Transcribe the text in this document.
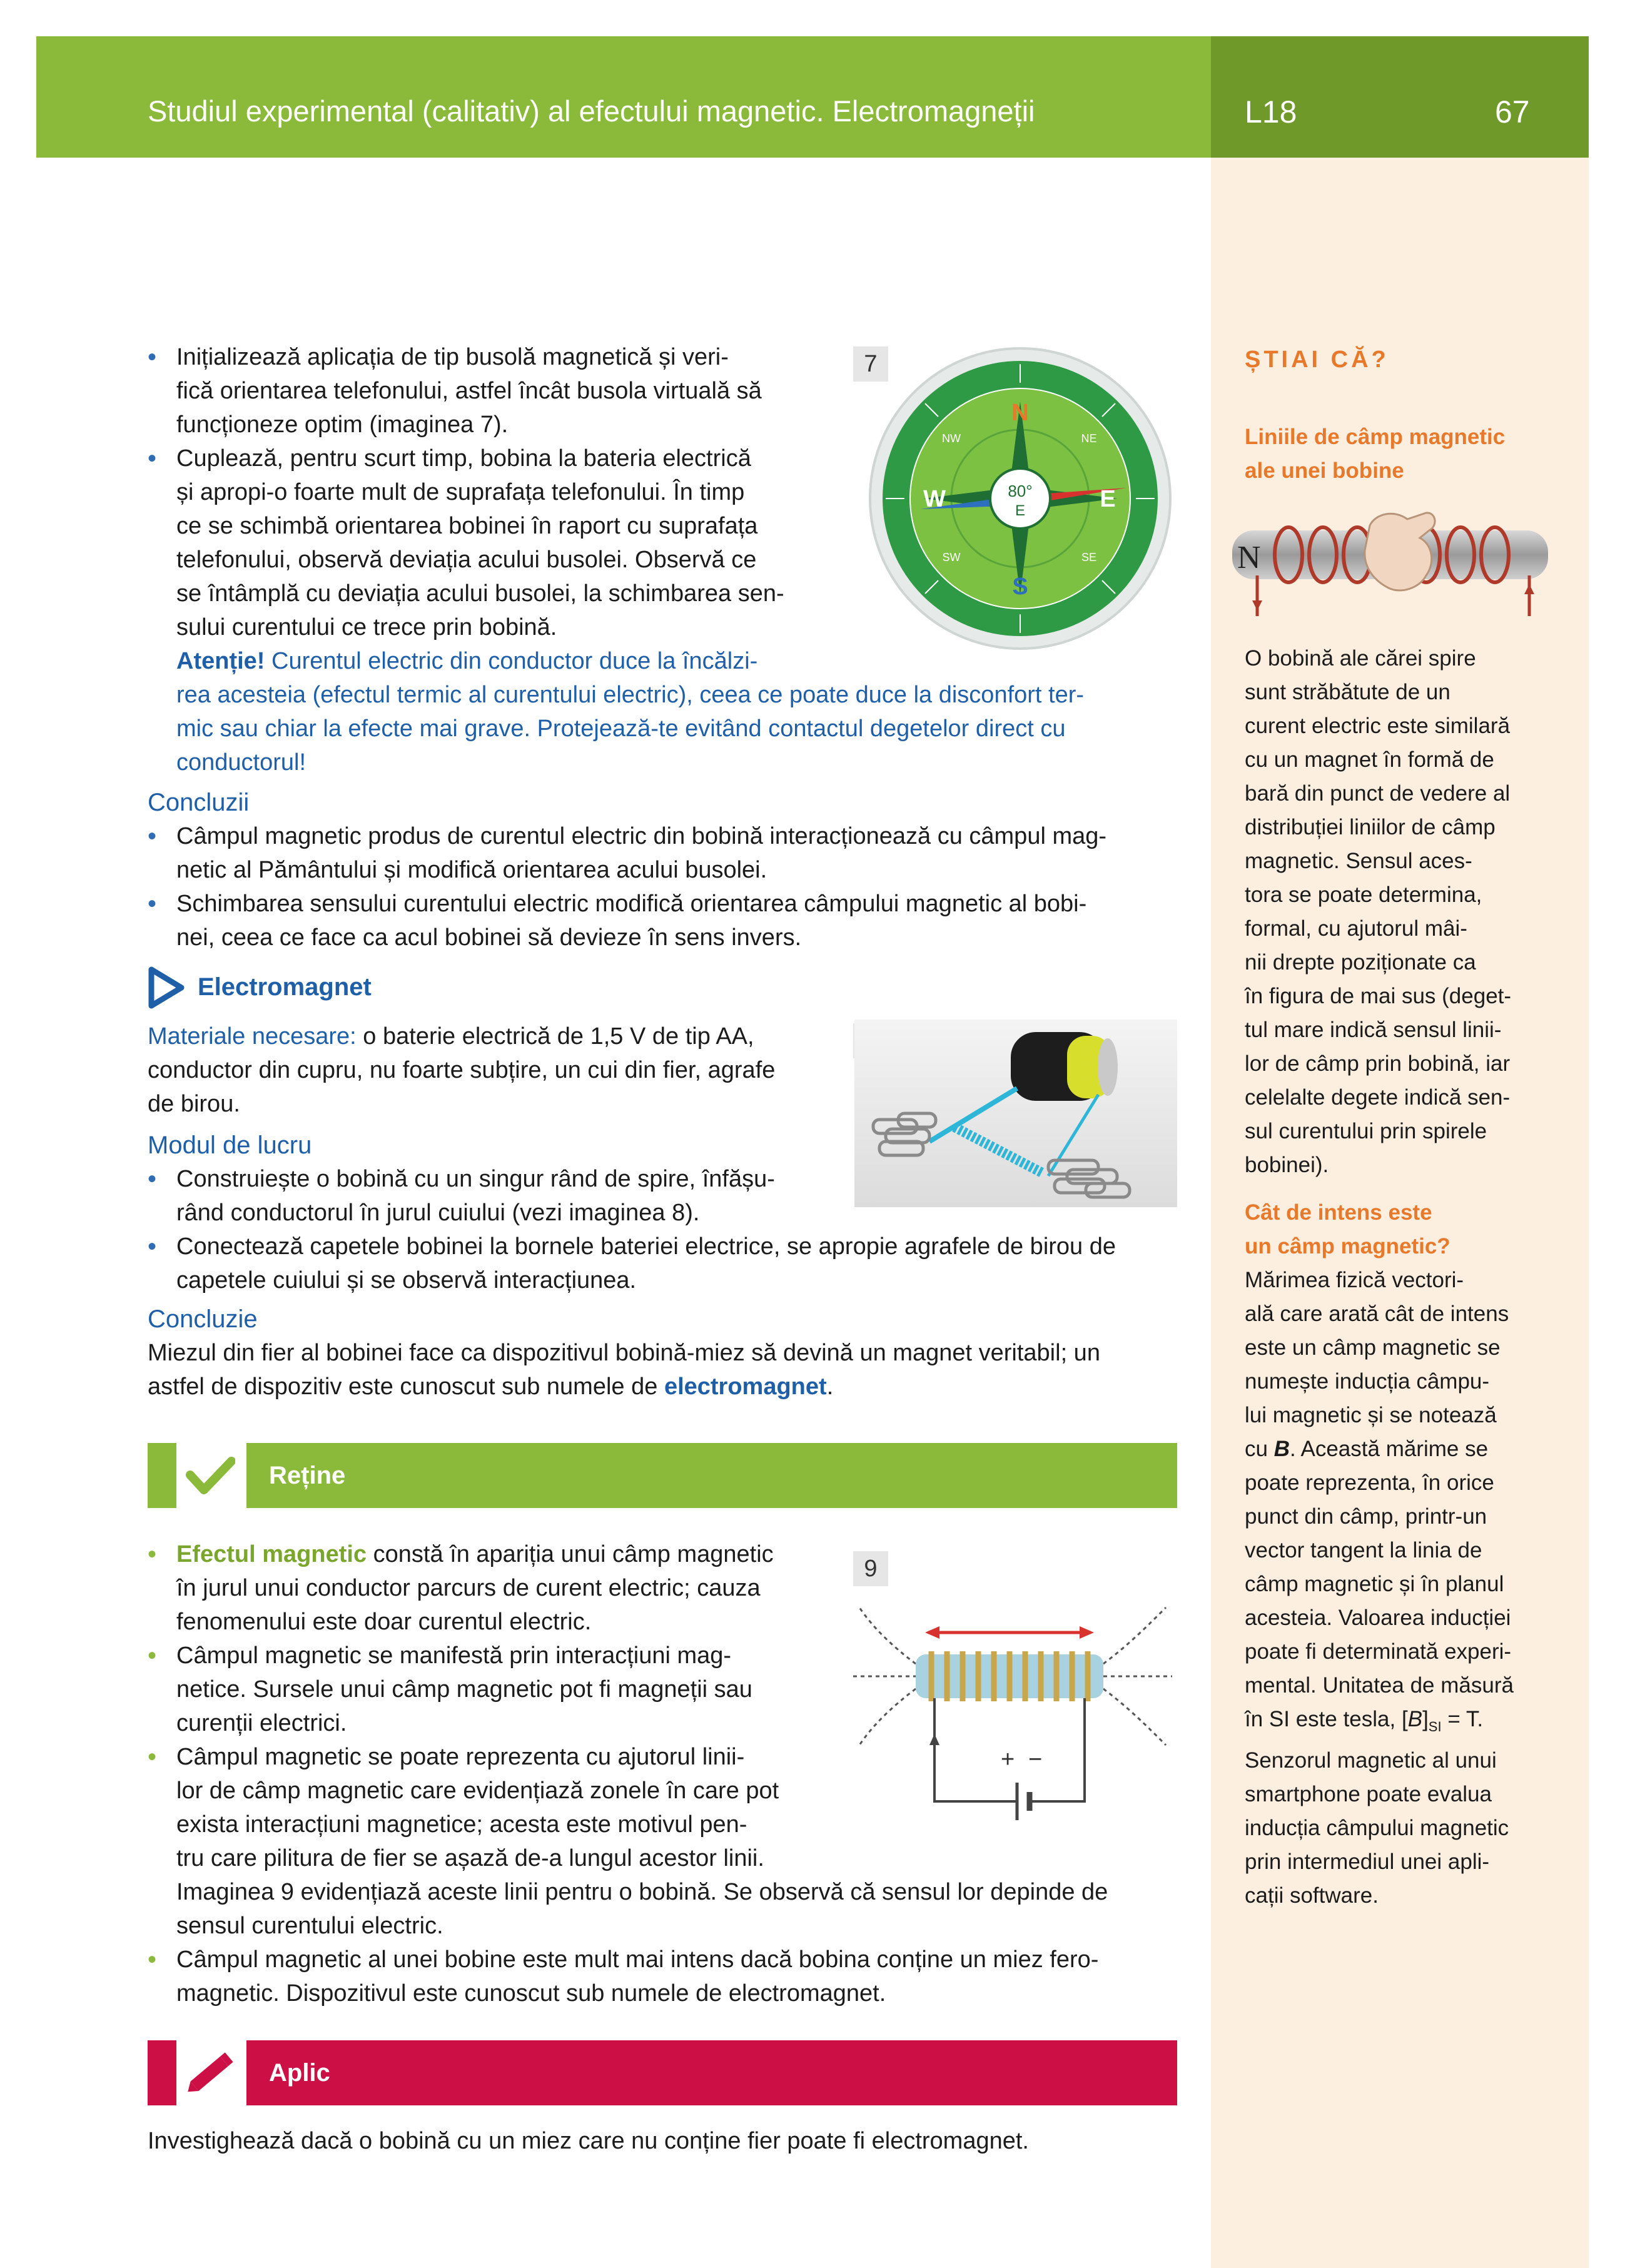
Studiul experimental (calitativ) al efectului magnetic. Electromagneții	L18	67
ȘTIAI CĂ?
Liniile de câmp magnetic
ale unei bobine
N
O bobină ale cărei spire
sunt străbătute de un
curent electric este similară
cu un magnet în formă de
bară din punct de vedere al
distribuției liniilor de câmp
magnetic. Sensul aces-
tora se poate determina,
formal, cu ajutorul mâi-
nii drepte poziționate ca
în figura de mai sus (deget-
tul mare indică sensul linii-
lor de câmp prin bobină, iar
celelalte degete indică sen-
sul curentului prin spirele
bobinei).
Cât de intens este
un câmp magnetic?
Mărimea fizică vectori-
ală care arată cât de intens
este un câmp magnetic se
numește inducția câmpu-
lui magnetic și se notează
cu B. Această mărime se
poate reprezenta, în orice
punct din câmp, printr-un
vector tangent la linia de
câmp magnetic și în planul
acesteia. Valoarea inducției
poate fi determinată experi-
mental. Unitatea de măsură
în SI este tesla, $[B]_{SI} = T$.
Senzorul magnetic al unui
smartphone poate evalua
inducția câmpului magnetic
prin intermediul unei apli-
cații software.
• Inițializează aplicația de tip busolă magnetică și veri-
fică orientarea telefonului, astfel încât busola virtuală să
funcționeze optim (imaginea 7).
• Cuplează, pentru scurt timp, bobina la bateria electrică
și apropi-o foarte mult de suprafața telefonului. În timp
ce se schimbă orientarea bobinei în raport cu suprafața
telefonului, observă deviația acului busolei. Observă ce
se întâmplă cu deviația acului busolei, la schimbarea sen-
sului curentului ce trece prin bobină.
Atenție! Curentul electric din conductor duce la încălzi-
rea acesteia (efectul termic al curentului electric), ceea ce poate duce la disconfort ter-
mic sau chiar la efecte mai grave. Protejează-te evitând contactul degetelor direct cu
conductorul!
7
80°
E
N
S
W	E
NW	NE
SW	SE
Concluzii
• Câmpul magnetic produs de curentul electric din bobină interacționează cu câmpul mag-
netic al Pământului și modifică orientarea acului busolei.
• Schimbarea sensului curentului electric modifică orientarea câmpului magnetic al bobi-
nei, ceea ce face ca acul bobinei să devieze în sens invers.
Electromagnet
Materiale necesare: o baterie electrică de 1,5 V de tip AA,
conductor din cupru, nu foarte subțire, un cui din fier, agrafe
de birou.
Modul de lucru
• Construiește o bobină cu un singur rând de spire, înfășu-
rând conductorul în jurul cuiului (vezi imaginea 8).
• Conectează capetele bobinei la bornele bateriei electrice, se apropie agrafele de birou de
capetele cuiului și se observă interacțiunea.
Concluzie
Miezul din fier al bobinei face ca dispozitivul bobină-miez să devină un magnet veritabil; un
astfel de dispozitiv este cunoscut sub numele de electromagnet.
Reține
• Efectul magnetic constă în apariția unui câmp magnetic
în jurul unui conductor parcurs de curent electric; cauza
fenomenului este doar curentul electric.
• Câmpul magnetic se manifestă prin interacțiuni mag-
netice. Sursele unui câmp magnetic pot fi magneții sau
curenții electrici.
• Câmpul magnetic se poate reprezenta cu ajutorul linii-
lor de câmp magnetic care evidențiază zonele în care pot
exista interacțiuni magnetice; acesta este motivul pen-
tru care pilitura de fier se așază de-a lungul acestor linii.
Imaginea 9 evidențiază aceste linii pentru o bobină. Se observă că sensul lor depinde de
sensul curentului electric.
• Câmpul magnetic al unei bobine este mult mai intens dacă bobina conține un miez fero-
magnetic. Dispozitivul este cunoscut sub numele de electromagnet.
9
+ −
Aplic
Investighează dacă o bobină cu un miez care nu conține fier poate fi electromagnet.
